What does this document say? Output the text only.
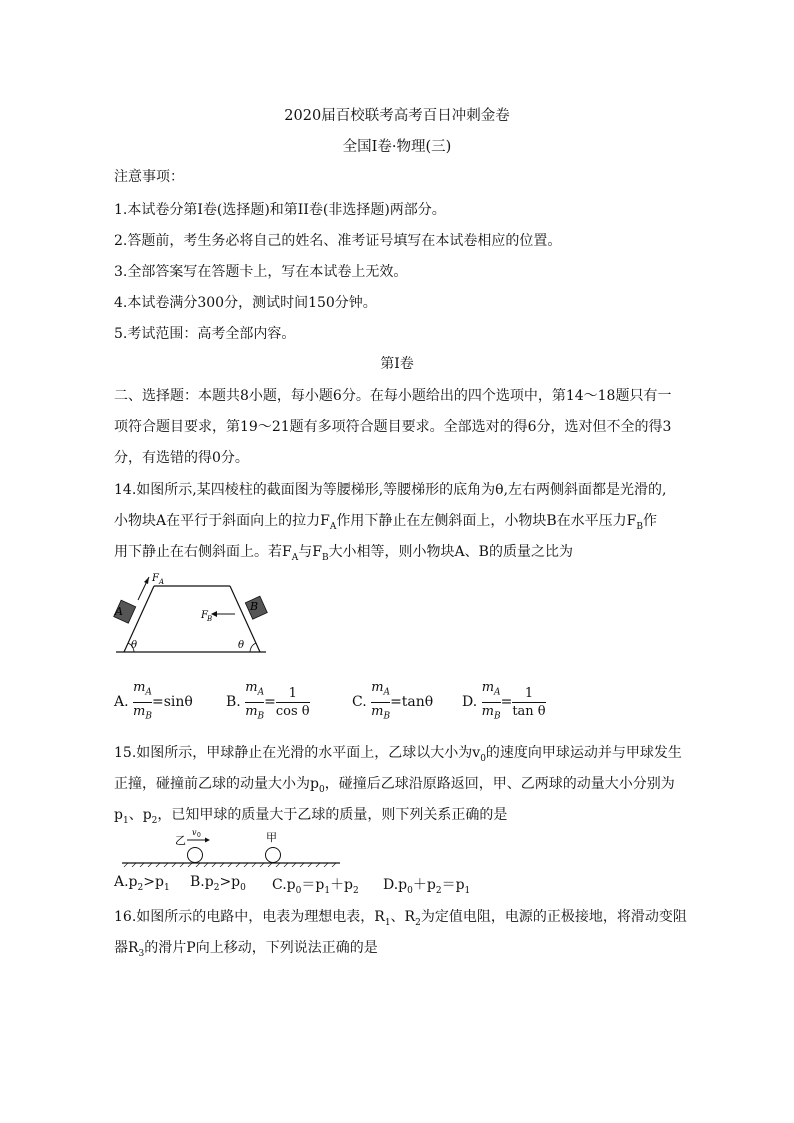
2020届百校联考高考百日冲刺金卷
全国I卷·物理(三)
注意事项：
1.本试卷分第I卷(选择题)和第II卷(非选择题)两部分。
2.答题前，考生务必将自己的姓名、准考证号填写在本试卷相应的位置。
3.全部答案写在答题卡上，写在本试卷上无效。
4.本试卷满分300分，测试时间150分钟。
5.考试范围：高考全部内容。
第I卷
二、选择题：本题共8小题，每小题6分。在每小题给出的四个选项中，第14～18题只有一
项符合题目要求，第19～21题有多项符合题目要求。全部选对的得6分，选对但不全的得3
分，有选错的得0分。
14.如图所示,某四棱柱的截面图为等腰梯形,等腰梯形的底角为θ,左右两侧斜面都是光滑的,
小物块A在平行于斜面向上的拉力$F_A$作用下静止在左侧斜面上，小物块B在水平压力$F_B$作
用下静止在右侧斜面上。若$F_A$与$F_B$大小相等，则小物块A、B的质量之比为
A	B
F A
F B
θ	θ
A. $\frac{m_A}{m_B} =\sin\theta$ B. $\frac{m_A}{m_B} = \frac{1}{\text{cos θ}}$	C. $\frac{m_A}{m_B} =\tan\theta$ D. $\frac{m_A}{m_B} = \frac{1}{\text{tan θ}}$
15.如图所示，甲球静止在光滑的水平面上，乙球以大小为$v_0$的速度向甲球运动并与甲球发生
正撞，碰撞前乙球的动量大小为$p_0$，碰撞后乙球沿原路返回，甲、乙两球的动量大小分别为
$p_1$、$p_2$，已知甲球的质量大于乙球的质量，则下列关系正确的是
乙
v 0	甲
$A.p_2>p_1$ $B.p_2>p_0$ $C.p_0=p_1+p_2$ $D.p_0+p_2=p_1$
16.如图所示的电路中，电表为理想电表，$R_1$、$R_2$为定值电阻，电源的正极接地，将滑动变阻
器$R_3$的滑片P向上移动，下列说法正确的是
